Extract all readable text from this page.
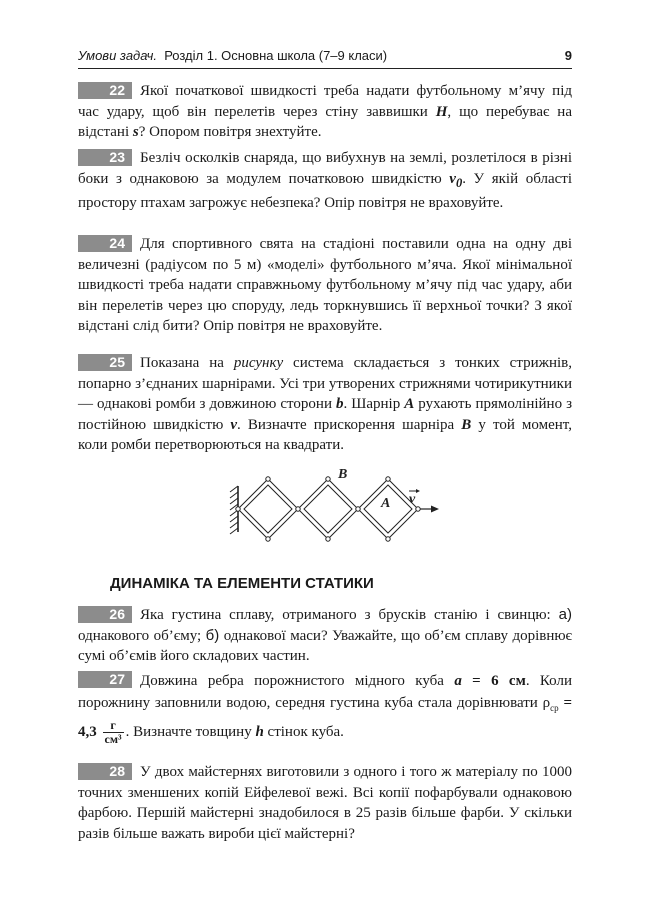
Умови задач. Розділ 1. Основна школа (7–9 класи)	9
22	Якої початкової швидкості треба надати футбольному м’ячу під час удару, щоб він перелетів через стіну заввишки H, що перебуває на відстані s? Опором повітря знехтуйте.
23	Безліч осколків снаряда, що вибухнув на землі, розлетілося в різні боки з однаковою за модулем початковою швидкістю $v_0$. У якій області простору птахам загрожує небезпека? Опір повітря не враховуйте.
24	Для спортивного свята на стадіоні поставили одна на одну дві величезні (радіусом по 5 м) «моделі» футбольного м’яча. Якої мінімальної швидкості треба надати справжньому футбольному м’ячу під час удару, аби він перелетів через цю споруду, ледь торкнувшись її верхньої точки? З якої відстані слід бити? Опір повітря не враховуйте.
25	Показана на рисунку система складається з тонких стрижнів, попарно з’єднаних шарнірами. Усі три утворених стрижнями чотирикутники — однакові ромби з довжиною сторони b. Шарнір A рухають прямолінійно з постійною швидкістю v. Визначте прискорення шарніра B у той момент, коли ромби перетворюються на квадрати.
B
A v
ДИНАМІКА ТА ЕЛЕМЕНТИ СТАТИКИ
26	Яка густина сплаву, отриманого з брусків станію і свинцю: а) однакового об’єму; б) однакової маси? Уважайте, що об’єм сплаву дорівнює сумі об’ємів його складових частин.
27	Довжина ребра порожнистого мідного куба a = 6 см. Коли порожнину заповнили водою, середня густина куба стала дорівнювати $\rho_{ср} = 4,3 \frac{г}{\text{см³}}$ . Визначте товщину h стінок куба.
28	У двох майстернях виготовили з одного і того ж матеріалу по 1000 точних зменшених копій Ейфелевої вежі. Всі копії пофарбували однаковою фарбою. Першій майстерні знадобилося в 25 разів більше фарби. У скільки разів більше важать вироби цієї майстерні?
